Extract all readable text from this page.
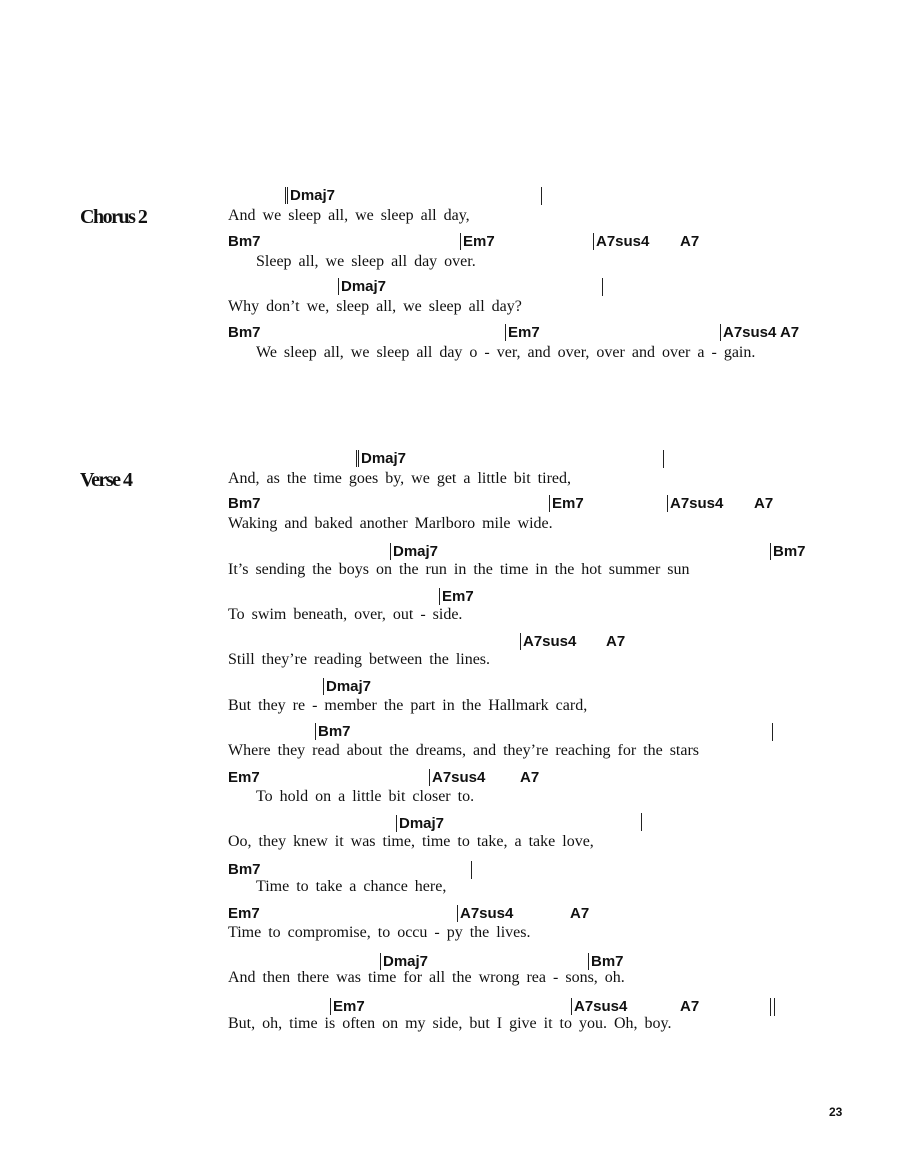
Chorus 2
Dmaj7
And we sleep all, we sleep all day,
Bm7	Em7	A7sus4 A7
Sleep all, we sleep all day over.
Dmaj7
Why don’t we, sleep all, we sleep all day?
Bm7	Em7	A7sus4 A7
We sleep all, we sleep all day o - ver, and over, over and over a - gain.
Verse 4
Dmaj7
And, as the time goes by, we get a little bit tired,
Bm7	Em7	A7sus4 A7
Waking and baked another Marlboro mile wide.
Dmaj7	Bm7
It’s sending the boys on the run in the time in the hot summer sun
Em7
To swim beneath, over, out - side.
A7sus4 A7
Still they’re reading between the lines.
Dmaj7
But they re - member the part in the Hallmark card,
Bm7
Where they read about the dreams, and they’re reaching for the stars
Em7	A7sus4 A7
To hold on a little bit closer to.
Dmaj7
Oo, they knew it was time, time to take, a take love,
Bm7
Time to take a chance here,
Em7	A7sus4	A7
Time to compromise, to occu - py the lives.
Dmaj7	Bm7
And then there was time for all the wrong rea - sons, oh.
Em7	A7sus4	A7
But, oh, time is often on my side, but I give it to you. Oh, boy.
23
